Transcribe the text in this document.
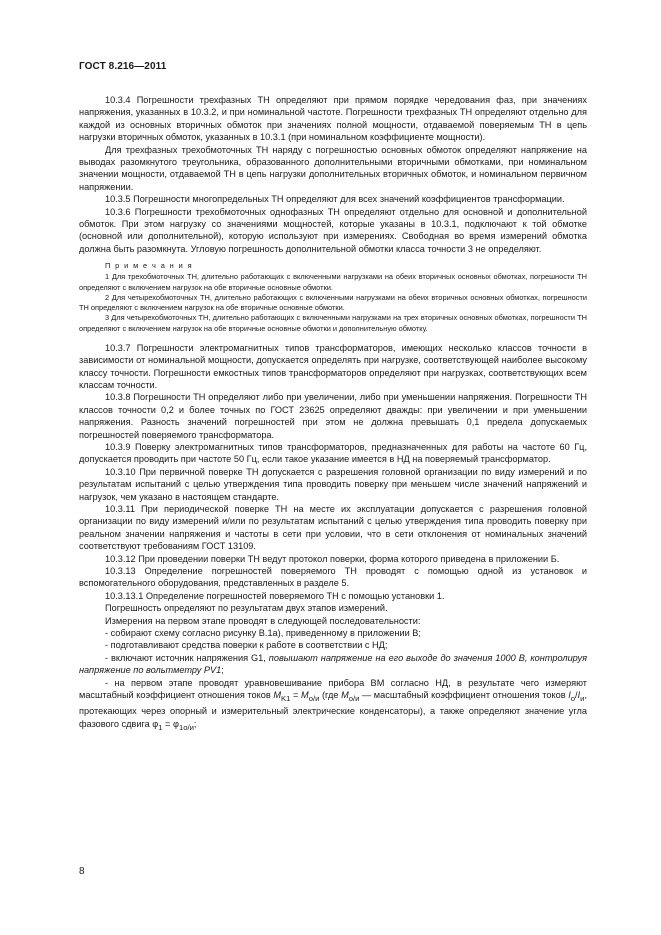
ГОСТ 8.216—2011

10.3.4 Погрешности трехфазных ТН определяют при прямом порядке чередования фаз, при значениях напряжения, указанных в 10.3.2, и при номинальной частоте. Погрешности трехфазных ТН определяют отдельно для каждой из основных вторичных обмоток при значениях полной мощности, отдаваемой поверяемым ТН в цепь нагрузки вторичных обмоток, указанных в 10.3.1 (при номинальном коэффициенте мощности).

Для трехфазных трехобмоточных ТН наряду с погрешностью основных обмоток определяют напряжение на выводах разомкнутого треугольника, образованного дополнительными вторичными обмотками, при номинальном значении мощности, отдаваемой ТН в цепь нагрузки дополнительных вторичных обмоток, и номинальном первичном напряжении.

10.3.5 Погрешности многопредельных ТН определяют для всех значений коэффициентов трансформации.

10.3.6 Погрешности трехобмоточных однофазных ТН определяют отдельно для основной и дополнительной обмоток. При этом нагрузку со значениями мощностей, которые указаны в 10.3.1, подключают к той обмотке (основной или дополнительной), которую используют при измерениях. Свободная во время измерений обмотка должна быть разомкнута. Угловую погрешность дополнительной обмотки класса точности 3 не определяют.

П р и м е ч а н и я

1 Для трехобмоточных ТН, длительно работающих с включенными нагрузками на обеих вторичных основных обмотках, погрешности ТН определяют с включением нагрузок на обе вторичные основные обмотки.

2 Для четырехобмоточных ТН, длительно работающих с включенными нагрузками на обеих вторичных основных обмотках, погрешности ТН определяют с включением нагрузок на обе вторичные основные обмотки.

3 Для четырехобмоточных ТН, длительно работающих с включенными нагрузками на трех вторичных основных обмотках, погрешности ТН определяют с включением нагрузок на обе вторичные основные обмотки и дополнительную обмотку.

10.3.7 Погрешности электромагнитных типов трансформаторов, имеющих несколько классов точности в зависимости от номинальной мощности, допускается определять при нагрузке, соответствующей наиболее высокому классу точности. Погрешности емкостных типов трансформаторов определяют при нагрузках, соответствующих всем классам точности.

10.3.8 Погрешности ТН определяют либо при увеличении, либо при уменьшении напряжения. Погрешности ТН классов точности 0,2 и более точных по ГОСТ 23625 определяют дважды: при увеличении и при уменьшении напряжения. Разность значений погрешностей при этом не должна превышать 0,1 предела допускаемых погрешностей поверяемого трансформатора.

10.3.9 Поверку электромагнитных типов трансформаторов, предназначенных для работы на частоте 60 Гц, допускается проводить при частоте 50 Гц, если такое указание имеется в НД на поверяемый трансформатор.

10.3.10 При первичной поверке ТН допускается с разрешения головной организации по виду измерений и по результатам испытаний с целью утверждения типа проводить поверку при меньшем числе значений напряжений и нагрузок, чем указано в настоящем стандарте.

10.3.11 При периодической поверке ТН на месте их эксплуатации допускается с разрешения головной организации по виду измерений и/или по результатам испытаний с целью утверждения типа проводить поверку при реальном значении напряжения и частоты в сети при условии, что в сети отклонения от номинальных значений соответствуют требованиям ГОСТ 13109.

10.3.12 При проведении поверки ТН ведут протокол поверки, форма которого приведена в приложении Б.

10.3.13 Определение погрешностей поверяемого ТН проводят с помощью одной из установок и вспомогательного оборудования, представленных в разделе 5.

10.3.13.1 Определение погрешностей поверяемого ТН с помощью установки 1.

Погрешность определяют по результатам двух этапов измерений.

Измерения на первом этапе проводят в следующей последовательности:

- собирают схему согласно рисунку В.1а), приведенному в приложении В;

- подготавливают средства поверки к работе в соответствии с НД;

- включают источник напряжения G1, повышают напряжение на его выходе до значения 1000 В, контролируя напряжение по вольтметру PV1;

- на первом этапе проводят уравновешивание прибора ВМ согласно НД, в результате чего измеряют масштабный коэффициент отношения токов $M_{K1} = M_{о/и}$ (где $M_{о/и}$ — масштабный коэффициент отношения токов $I_о/I_и$, протекающих через опорный и измерительный электрические конденсаторы), а также определяют значение угла фазового сдвига $\varphi_1 = \varphi_{1о/и}$;

8
